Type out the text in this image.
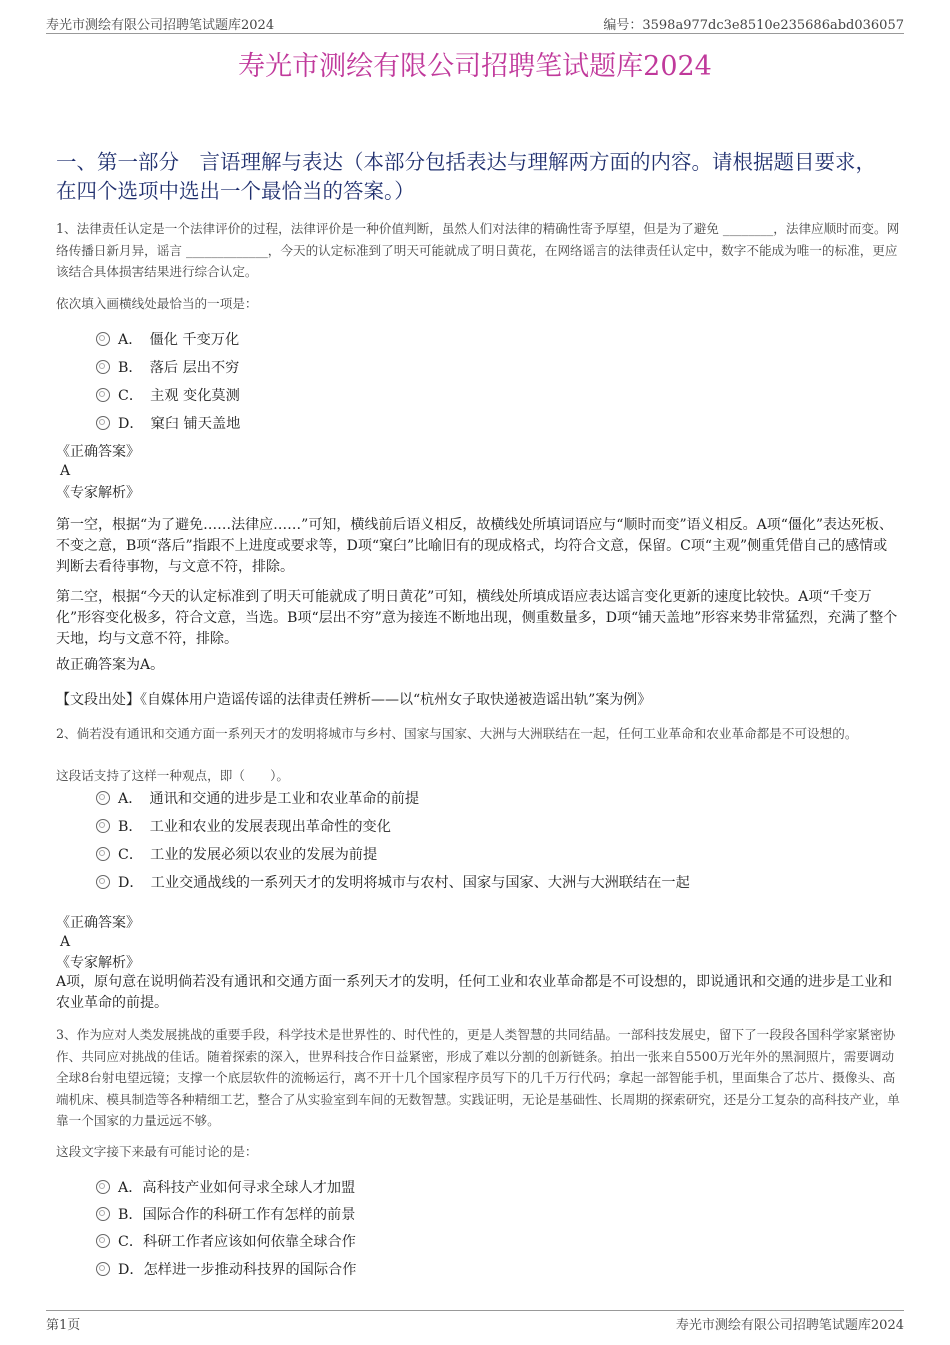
寿光市测绘有限公司招聘笔试题库2024	编号：3598a977dc3e8510e235686abd036057
寿光市测绘有限公司招聘笔试题库2024
一、第一部分　言语理解与表达（本部分包括表达与理解两方面的内容。请根据题目要求，在四个选项中选出一个最恰当的答案。）
1、法律责任认定是一个法律评价的过程，法律评价是一种价值判断，虽然人们对法律的精确性寄予厚望，但是为了避免 ________，法律应顺时而变。网络传播日新月异，谣言 _____________，今天的认定标准到了明天可能就成了明日黄花，在网络谣言的法律责任认定中，数字不能成为唯一的标准，更应该结合具体损害结果进行综合认定。
依次填入画横线处最恰当的一项是：
A．　僵化 千变万化
B．　落后 层出不穷
C．　主观 变化莫测
D．　窠臼 铺天盖地
《正确答案》
A
《专家解析》
第一空，根据“为了避免……法律应……”可知，横线前后语义相反，故横线处所填词语应与“顺时而变”语义相反。A项“僵化”表达死板、不变之意，B项“落后”指跟不上进度或要求等，D项“窠臼”比喻旧有的现成格式，均符合文意，保留。C项“主观”侧重凭借自己的感情或判断去看待事物，与文意不符，排除。
第二空，根据“今天的认定标准到了明天可能就成了明日黄花”可知，横线处所填成语应表达谣言变化更新的速度比较快。A项“千变万化”形容变化极多，符合文意，当选。B项“层出不穷”意为接连不断地出现，侧重数量多，D项“铺天盖地”形容来势非常猛烈，充满了整个天地，均与文意不符，排除。
故正确答案为A。
【文段出处】《自媒体用户造谣传谣的法律责任辨析——以“杭州女子取快递被造谣出轨”案为例》
2、倘若没有通讯和交通方面一系列天才的发明将城市与乡村、国家与国家、大洲与大洲联结在一起，任何工业革命和农业革命都是不可设想的。
这段话支持了这样一种观点，即（　　）。
A．　通讯和交通的进步是工业和农业革命的前提
B．　工业和农业的发展表现出革命性的变化
C．　工业的发展必须以农业的发展为前提
D．　工业交通战线的一系列天才的发明将城市与农村、国家与国家、大洲与大洲联结在一起
《正确答案》
A
《专家解析》
A项，原句意在说明倘若没有通讯和交通方面一系列天才的发明，任何工业和农业革命都是不可设想的，即说通讯和交通的进步是工业和农业革命的前提。
3、作为应对人类发展挑战的重要手段，科学技术是世界性的、时代性的，更是人类智慧的共同结晶。一部科技发展史，留下了一段段各国科学家紧密协作、共同应对挑战的佳话。随着探索的深入，世界科技合作日益紧密，形成了难以分割的创新链条。拍出一张来自5500万光年外的黑洞照片，需要调动全球8台射电望远镜；支撑一个底层软件的流畅运行，离不开十几个国家程序员写下的几千万行代码；拿起一部智能手机，里面集合了芯片、摄像头、高端机床、模具制造等各种精细工艺，整合了从实验室到车间的无数智慧。实践证明，无论是基础性、长周期的探索研究，还是分工复杂的高科技产业，单靠一个国家的力量远远不够。
这段文字接下来最有可能讨论的是：
A．高科技产业如何寻求全球人才加盟
B．国际合作的科研工作有怎样的前景
C．科研工作者应该如何依靠全球合作
D．怎样进一步推动科技界的国际合作
第1页	寿光市测绘有限公司招聘笔试题库2024
